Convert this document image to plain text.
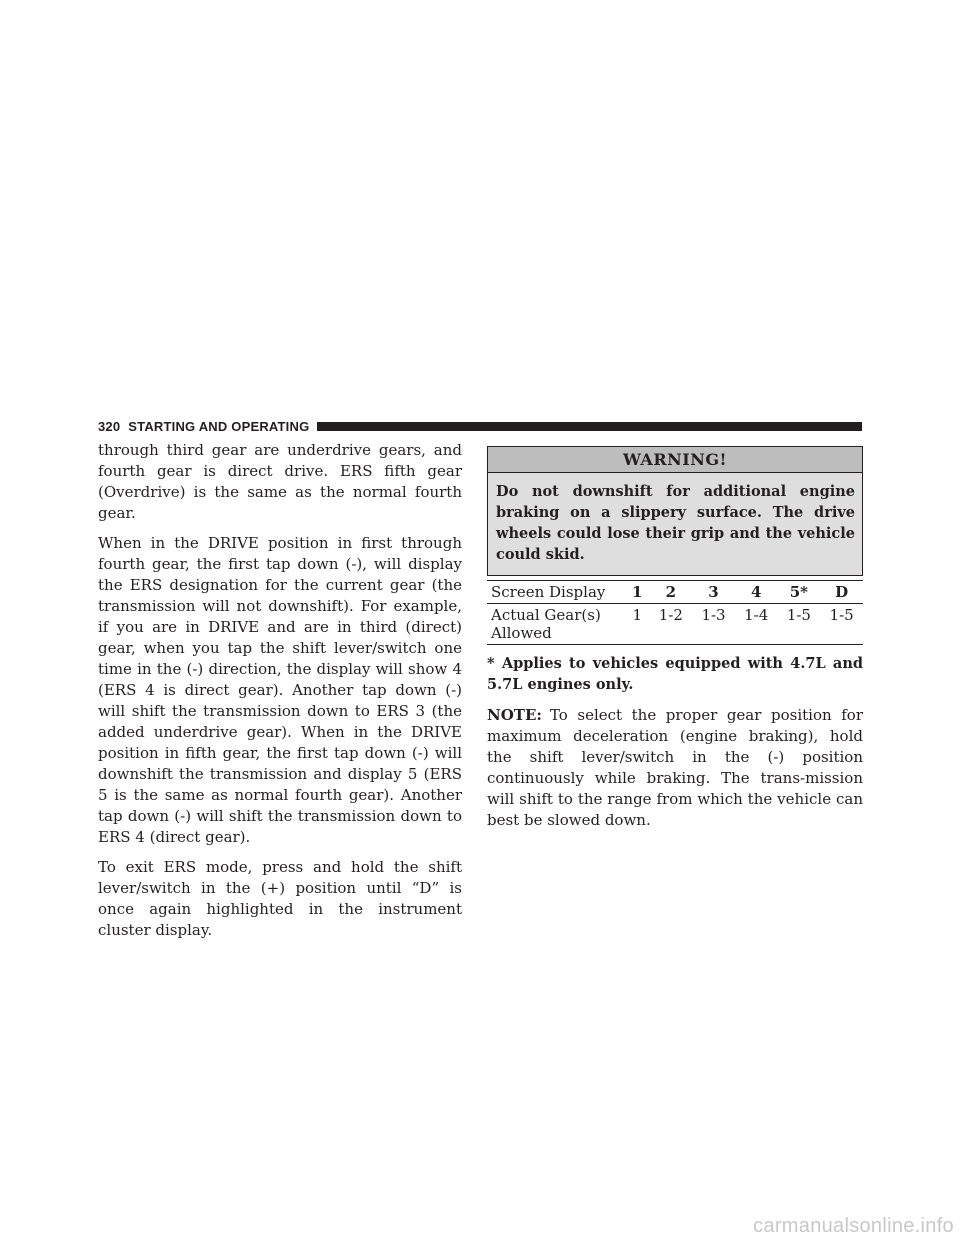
320 STARTING AND OPERATING

through third gear are underdrive gears, and fourth gear is direct drive. ERS fifth gear (Overdrive) is the same as the normal fourth gear.

When in the DRIVE position in first through fourth gear, the first tap down (-), will display the ERS designation for the current gear (the transmission will not downshift). For example, if you are in DRIVE and are in third (direct) gear, when you tap the shift lever/switch one time in the (-) direction, the display will show 4 (ERS 4 is direct gear). Another tap down (-) will shift the transmission down to ERS 3 (the added underdrive gear). When in the DRIVE position in fifth gear, the first tap down (-) will downshift the transmission and display 5 (ERS 5 is the same as normal fourth gear). Another tap down (-) will shift the transmission down to ERS 4 (direct gear).

To exit ERS mode, press and hold the shift lever/switch in the (+) position until “D” is once again highlighted in the instrument cluster display.

WARNING!

Do not downshift for additional engine braking on a slippery surface. The drive wheels could lose their grip and the vehicle could skid.

Screen Display	1	2	3	4	5*	D
Actual Gear(s) Allowed	1	1-2	1-3	1-4	1-5	1-5

* Applies to vehicles equipped with 4.7L and 5.7L engines only.

NOTE: To select the proper gear position for maximum deceleration (engine braking), hold the shift lever/switch in the (-) position continuously while braking. The trans-mission will shift to the range from which the vehicle can best be slowed down.

carmanualsonline.info
